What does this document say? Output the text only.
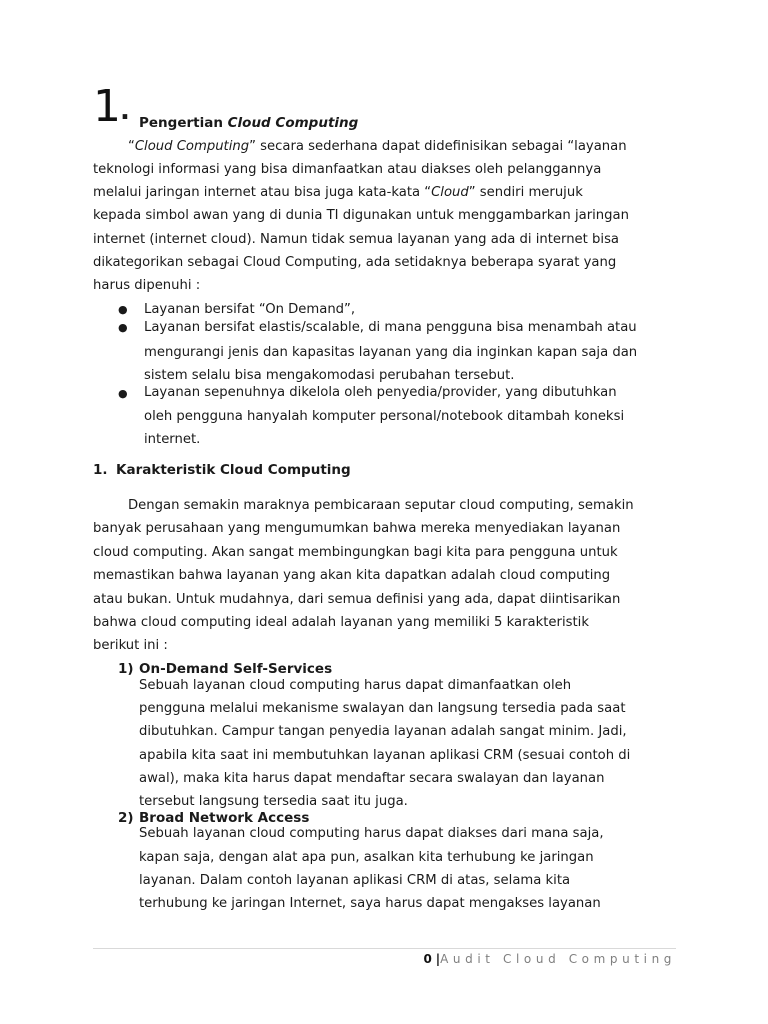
1 . Pengertian Cloud Computing
“Cloud Computing” secara sederhana dapat didefinisikan sebagai “layanan
teknologi informasi yang bisa dimanfaatkan atau diakses oleh pelanggannya
melalui jaringan internet atau bisa juga kata-kata “Cloud” sendiri merujuk
kepada simbol awan yang di dunia TI digunakan untuk menggambarkan jaringan
internet (internet cloud). Namun tidak semua layanan yang ada di internet bisa
dikategorikan sebagai Cloud Computing, ada setidaknya beberapa syarat yang
harus dipenuhi :
● Layanan bersifat “On Demand”,
● Layanan bersifat elastis/scalable, di mana pengguna bisa menambah atau
mengurangi jenis dan kapasitas layanan yang dia inginkan kapan saja dan
sistem selalu bisa mengakomodasi perubahan tersebut.
● Layanan sepenuhnya dikelola oleh penyedia/provider, yang dibutuhkan
oleh pengguna hanyalah komputer personal/notebook ditambah koneksi
internet.
1. Karakteristik Cloud Computing
Dengan semakin maraknya pembicaraan seputar cloud computing, semakin
banyak perusahaan yang mengumumkan bahwa mereka menyediakan layanan
cloud computing. Akan sangat membingungkan bagi kita para pengguna untuk
memastikan bahwa layanan yang akan kita dapatkan adalah cloud computing
atau bukan. Untuk mudahnya, dari semua definisi yang ada, dapat diintisarikan
bahwa cloud computing ideal adalah layanan yang memiliki 5 karakteristik
berikut ini :
1) On-Demand Self-Services
Sebuah layanan cloud computing harus dapat dimanfaatkan oleh
pengguna melalui mekanisme swalayan dan langsung tersedia pada saat
dibutuhkan. Campur tangan penyedia layanan adalah sangat minim. Jadi,
apabila kita saat ini membutuhkan layanan aplikasi CRM (sesuai contoh di
awal), maka kita harus dapat mendaftar secara swalayan dan layanan
tersebut langsung tersedia saat itu juga.
2) Broad Network Access
Sebuah layanan cloud computing harus dapat diakses dari mana saja,
kapan saja, dengan alat apa pun, asalkan kita terhubung ke jaringan
layanan. Dalam contoh layanan aplikasi CRM di atas, selama kita
terhubung ke jaringan Internet, saya harus dapat mengakses layanan
0 |Audit Cloud Computing
